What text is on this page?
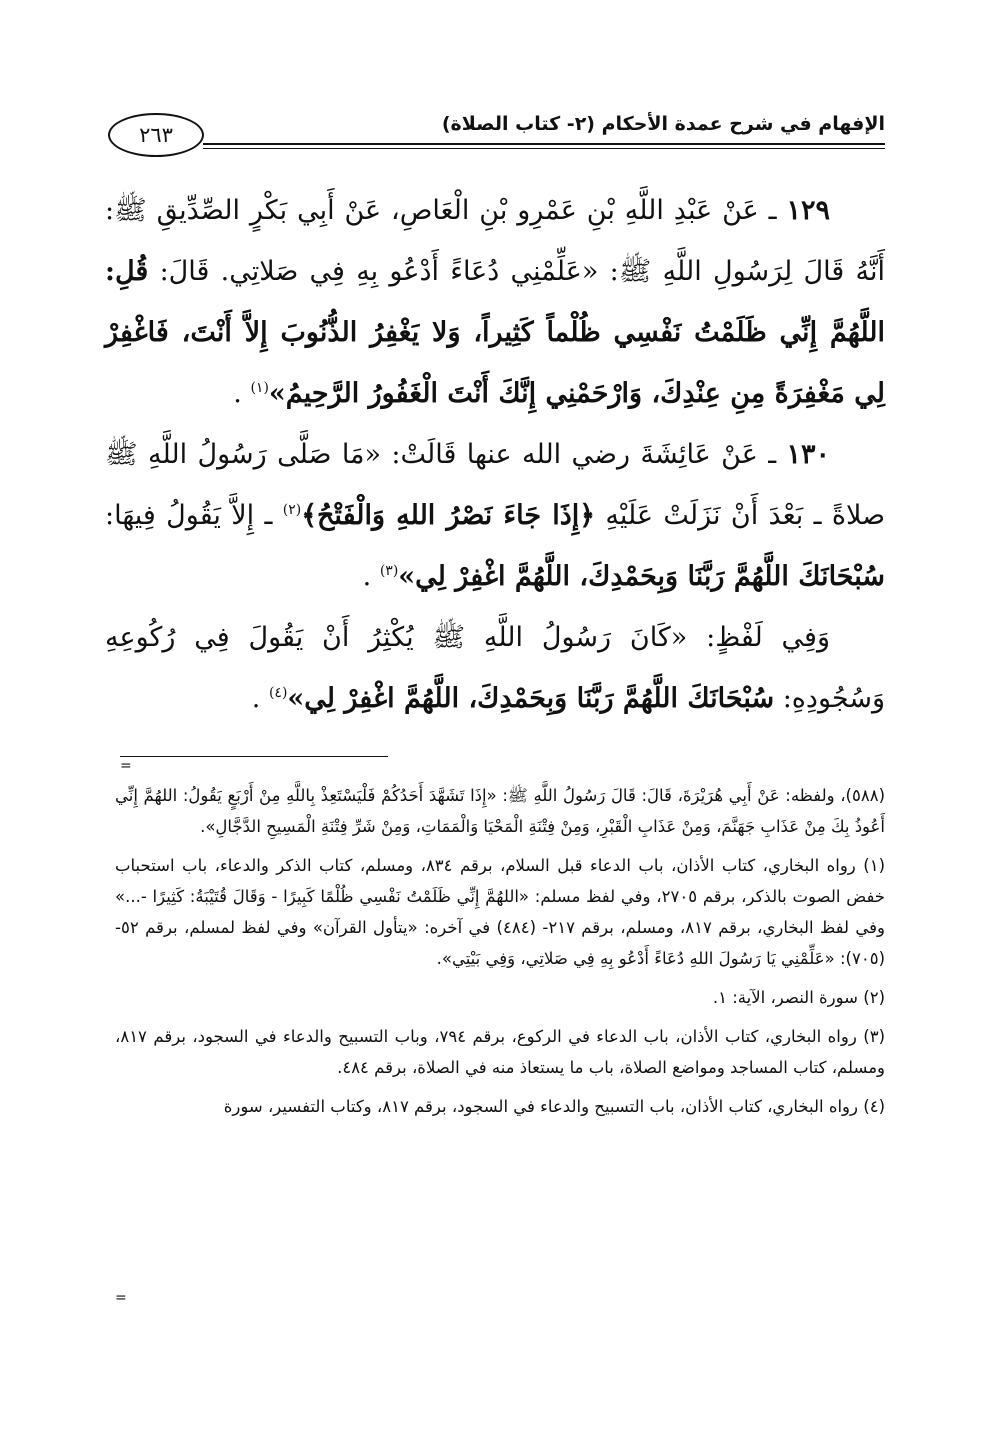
الإفهام في شرح عمدة الأحكام (٢- كتاب الصلاة)
٢٦٣

١٢٩ ـ عَنْ عَبْدِ اللَّهِ بْنِ عَمْرِو بْنِ الْعَاصِ، عَنْ أَبِي بَكْرٍ الصِّدِّيقِ ﷺ: أَنَّهُ قَالَ لِرَسُولِ اللَّهِ ﷺ: «عَلِّمْنِي دُعَاءً أَدْعُو بِهِ فِي صَلاتِي. قَالَ: قُلِ: اللَّهُمَّ إِنِّي ظَلَمْتُ نَفْسِي ظُلْماً كَثِيراً، وَلا يَغْفِرُ الذُّنُوبَ إِلاَّ أَنْتَ، فَاغْفِرْ لِي مَغْفِرَةً مِنِ عِنْدِكَ، وَارْحَمْنِي إِنَّكَ أَنْتَ الْغَفُورُ الرَّحِيمُ»$^{(١)}$ .

١٣٠ ـ عَنْ عَائِشَةَ رضي الله عنها قَالَتْ: «مَا صَلَّى رَسُولُ اللَّهِ ﷺ صلاةً ـ بَعْدَ أَنْ نَزَلَتْ عَلَيْهِ ﴿إِذَا جَاءَ نَصْرُ اللهِ وَالْفَتْحُ﴾$^{(٢)}$ ـ إِلاَّ يَقُولُ فِيهَا: سُبْحَانَكَ اللَّهُمَّ رَبَّنَا وَبِحَمْدِكَ، اللَّهُمَّ اغْفِرْ لِي»$^{(٣)}$ .

وَفِي لَفْظٍ: «كَانَ رَسُولُ اللَّهِ ﷺ يُكْثِرُ أَنْ يَقُولَ فِي رُكُوعِهِ وَسُجُودِهِ: سُبْحَانَكَ اللَّهُمَّ رَبَّنَا وَبِحَمْدِكَ، اللَّهُمَّ اغْفِرْ لِي»$^{(٤)}$ .

=

(٥٨٨)، ولفظه: عَنْ أَبِي هُرَيْرَةَ، قَالَ: قَالَ رَسُولُ اللَّهِ ﷺ: «إِذَا تَشَهَّدَ أَحَدُكُمْ فَلْيَسْتَعِذْ بِاللَّهِ مِنْ أَرْبَعٍ يَقُولُ: اللهُمَّ إِنِّي أَعُوذُ بِكَ مِنْ عَذَابِ جَهَنَّمَ، وَمِنْ عَذَابِ الْقَبْرِ، وَمِنْ فِتْنَةِ الْمَحْيَا وَالْمَمَاتِ، وَمِنْ شَرِّ فِتْنَةِ الْمَسِيحِ الدَّجَّالِ».

(١) رواه البخاري، كتاب الأذان، باب الدعاء قبل السلام، برقم ٨٣٤، ومسلم، كتاب الذكر والدعاء، باب استحباب خفض الصوت بالذكر، برقم ٢٧٠٥، وفي لفظ مسلم: «اللهُمَّ إِنِّي ظَلَمْتُ نَفْسِي ظُلْمًا كَبِيرًا - وَقَالَ قُتَيْبَةُ: كَثِيرًا -...» وفي لفظ البخاري، برقم ٨١٧، ومسلم، برقم ٢١٧- (٤٨٤) في آخره: «يتأول القرآن» وفي لفظ لمسلم، برقم ٥٢- (٧٠٥): «عَلِّمْنِي يَا رَسُولَ اللهِ دُعَاءً أَدْعُو بِهِ فِي صَلاتِي، وَفِي بَيْتِي».

(٢) سورة النصر، الآية: ١.

(٣) رواه البخاري، كتاب الأذان، باب الدعاء في الركوع، برقم ٧٩٤، وباب التسبيح والدعاء في السجود، برقم ٨١٧، ومسلم، كتاب المساجد ومواضع الصلاة، باب ما يستعاذ منه في الصلاة، برقم ٤٨٤.

(٤) رواه البخاري، كتاب الأذان، باب التسبيح والدعاء في السجود، برقم ٨١٧، وكتاب التفسير، سورة

=
